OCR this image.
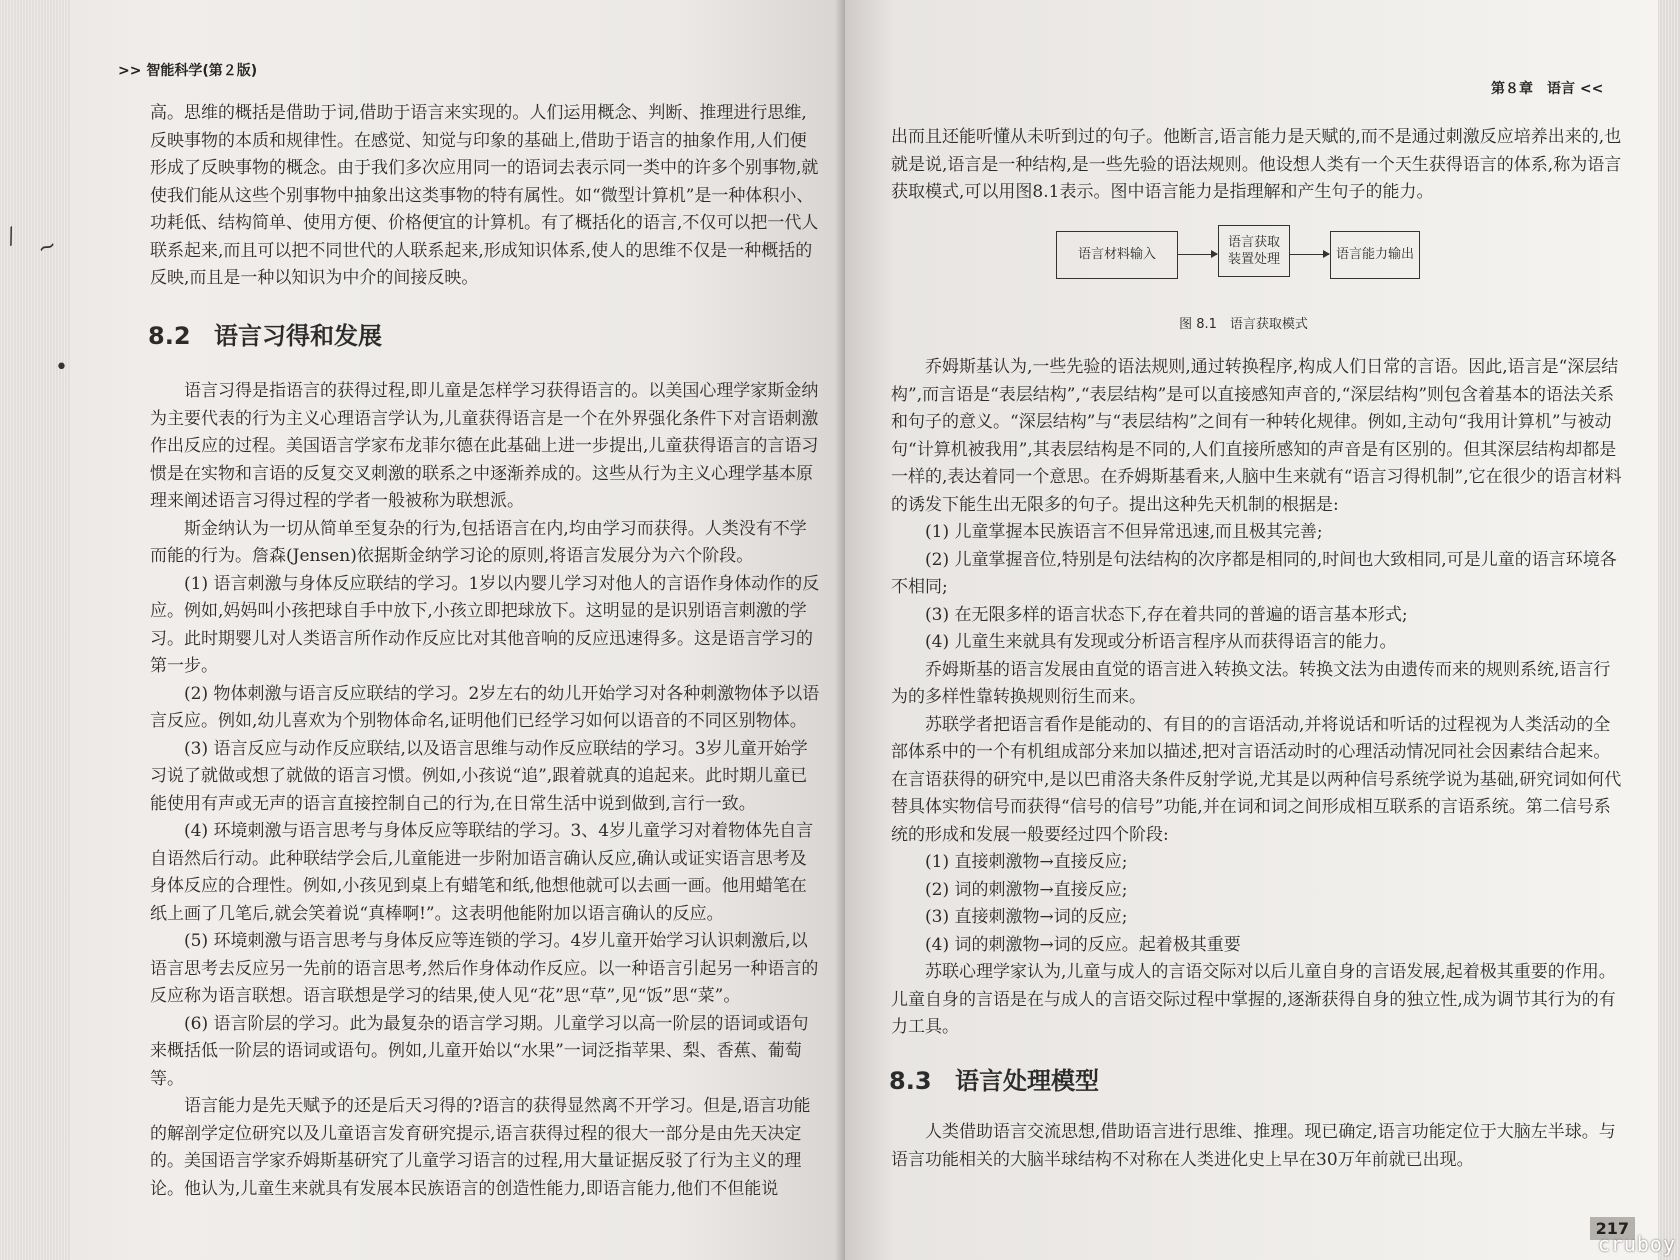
>> 智能科学(第２版)
⁄ ~
•

高。思维的概括是借助于词,借助于语言来实现的。人们运用概念、判断、推理进行思维,反映事物的本质和规律性。在感觉、知觉与印象的基础上,借助于语言的抽象作用,人们便形成了反映事物的概念。由于我们多次应用同一的语词去表示同一类中的许多个别事物,就使我们能从这些个别事物中抽象出这类事物的特有属性。如“微型计算机”是一种体积小、功耗低、结构简单、使用方便、价格便宜的计算机。有了概括化的语言,不仅可以把一代人联系起来,而且可以把不同世代的人联系起来,形成知识体系,使人的思维不仅是一种概括的反映,而且是一种以知识为中介的间接反映。

8.2 语言习得和发展

语言习得是指语言的获得过程,即儿童是怎样学习获得语言的。以美国心理学家斯金纳为主要代表的行为主义心理语言学认为,儿童获得语言是一个在外界强化条件下对言语刺激作出反应的过程。美国语言学家布龙菲尔德在此基础上进一步提出,儿童获得语言的言语习惯是在实物和言语的反复交叉刺激的联系之中逐渐养成的。这些从行为主义心理学基本原理来阐述语言习得过程的学者一般被称为联想派。

斯金纳认为一切从简单至复杂的行为,包括语言在内,均由学习而获得。人类没有不学而能的行为。詹森(Jensen)依据斯金纳学习论的原则,将语言发展分为六个阶段。

(1) 语言刺激与身体反应联结的学习。1岁以内婴儿学习对他人的言语作身体动作的反应。例如,妈妈叫小孩把球自手中放下,小孩立即把球放下。这明显的是识别语言刺激的学习。此时期婴儿对人类语言所作动作反应比对其他音响的反应迅速得多。这是语言学习的第一步。

(2) 物体刺激与语言反应联结的学习。2岁左右的幼儿开始学习对各种刺激物体予以语言反应。例如,幼儿喜欢为个别物体命名,证明他们已经学习如何以语音的不同区别物体。

(3) 语言反应与动作反应联结,以及语言思维与动作反应联结的学习。3岁儿童开始学习说了就做或想了就做的语言习惯。例如,小孩说“追”,跟着就真的追起来。此时期儿童已能使用有声或无声的语言直接控制自己的行为,在日常生活中说到做到,言行一致。

(4) 环境刺激与语言思考与身体反应等联结的学习。3、4岁儿童学习对着物体先自言自语然后行动。此种联结学会后,儿童能进一步附加语言确认反应,确认或证实语言思考及身体反应的合理性。例如,小孩见到桌上有蜡笔和纸,他想他就可以去画一画。他用蜡笔在纸上画了几笔后,就会笑着说“真棒啊!”。这表明他能附加以语言确认的反应。

(5) 环境刺激与语言思考与身体反应等连锁的学习。4岁儿童开始学习认识刺激后,以语言思考去反应另一先前的语言思考,然后作身体动作反应。以一种语言引起另一种语言的反应称为语言联想。语言联想是学习的结果,使人见“花”思“草”,见“饭”思“菜”。

(6) 语言阶层的学习。此为最复杂的语言学习期。儿童学习以高一阶层的语词或语句来概括低一阶层的语词或语句。例如,儿童开始以“水果”一词泛指苹果、梨、香蕉、葡萄等。

语言能力是先天赋予的还是后天习得的?语言的获得显然离不开学习。但是,语言功能的解剖学定位研究以及儿童语言发育研究提示,语言获得过程的很大一部分是由先天决定的。美国语言学家乔姆斯基研究了儿童学习语言的过程,用大量证据反驳了行为主义的理论。他认为,儿童生来就具有发展本民族语言的创造性能力,即语言能力,他们不但能说

第８章　语言 <<

出而且还能听懂从未听到过的句子。他断言,语言能力是天赋的,而不是通过刺激反应培养出来的,也就是说,语言是一种结构,是一些先验的语法规则。他设想人类有一个天生获得语言的体系,称为语言获取模式,可以用图8.1表示。图中语言能力是指理解和产生句子的能力。

语言材料输入
语言获取
装置处理	语言能力输出
图 8.1　语言获取模式

乔姆斯基认为,一些先验的语法规则,通过转换程序,构成人们日常的言语。因此,语言是“深层结构”,而言语是“表层结构”,“表层结构”是可以直接感知声音的,“深层结构”则包含着基本的语法关系和句子的意义。“深层结构”与“表层结构”之间有一种转化规律。例如,主动句“我用计算机”与被动句“计算机被我用”,其表层结构是不同的,人们直接所感知的声音是有区别的。但其深层结构却都是一样的,表达着同一个意思。在乔姆斯基看来,人脑中生来就有“语言习得机制”,它在很少的语言材料的诱发下能生出无限多的句子。提出这种先天机制的根据是:

(1) 儿童掌握本民族语言不但异常迅速,而且极其完善;

(2) 儿童掌握音位,特别是句法结构的次序都是相同的,时间也大致相同,可是儿童的语言环境各不相同;

(3) 在无限多样的语言状态下,存在着共同的普遍的语言基本形式;

(4) 儿童生来就具有发现或分析语言程序从而获得语言的能力。

乔姆斯基的语言发展由直觉的语言进入转换文法。转换文法为由遗传而来的规则系统,语言行为的多样性靠转换规则衍生而来。

苏联学者把语言看作是能动的、有目的的言语活动,并将说话和听话的过程视为人类活动的全部体系中的一个有机组成部分来加以描述,把对言语活动时的心理活动情况同社会因素结合起来。在言语获得的研究中,是以巴甫洛夫条件反射学说,尤其是以两种信号系统学说为基础,研究词如何代替具体实物信号而获得“信号的信号”功能,并在词和词之间形成相互联系的言语系统。第二信号系统的形成和发展一般要经过四个阶段:

(1) 直接刺激物→直接反应;

(2) 词的刺激物→直接反应;

(3) 直接刺激物→词的反应;

(4) 词的刺激物→词的反应。起着极其重要

苏联心理学家认为,儿童与成人的言语交际对以后儿童自身的言语发展,起着极其重要的作用。儿童自身的言语是在与成人的言语交际过程中掌握的,逐渐获得自身的独立性,成为调节其行为的有力工具。

8.3 语言处理模型

人类借助语言交流思想,借助语言进行思维、推理。现已确定,语言功能定位于大脑左半球。与语言功能相关的大脑半球结构不对称在人类进化史上早在30万年前就已出现。

217
cruboy
